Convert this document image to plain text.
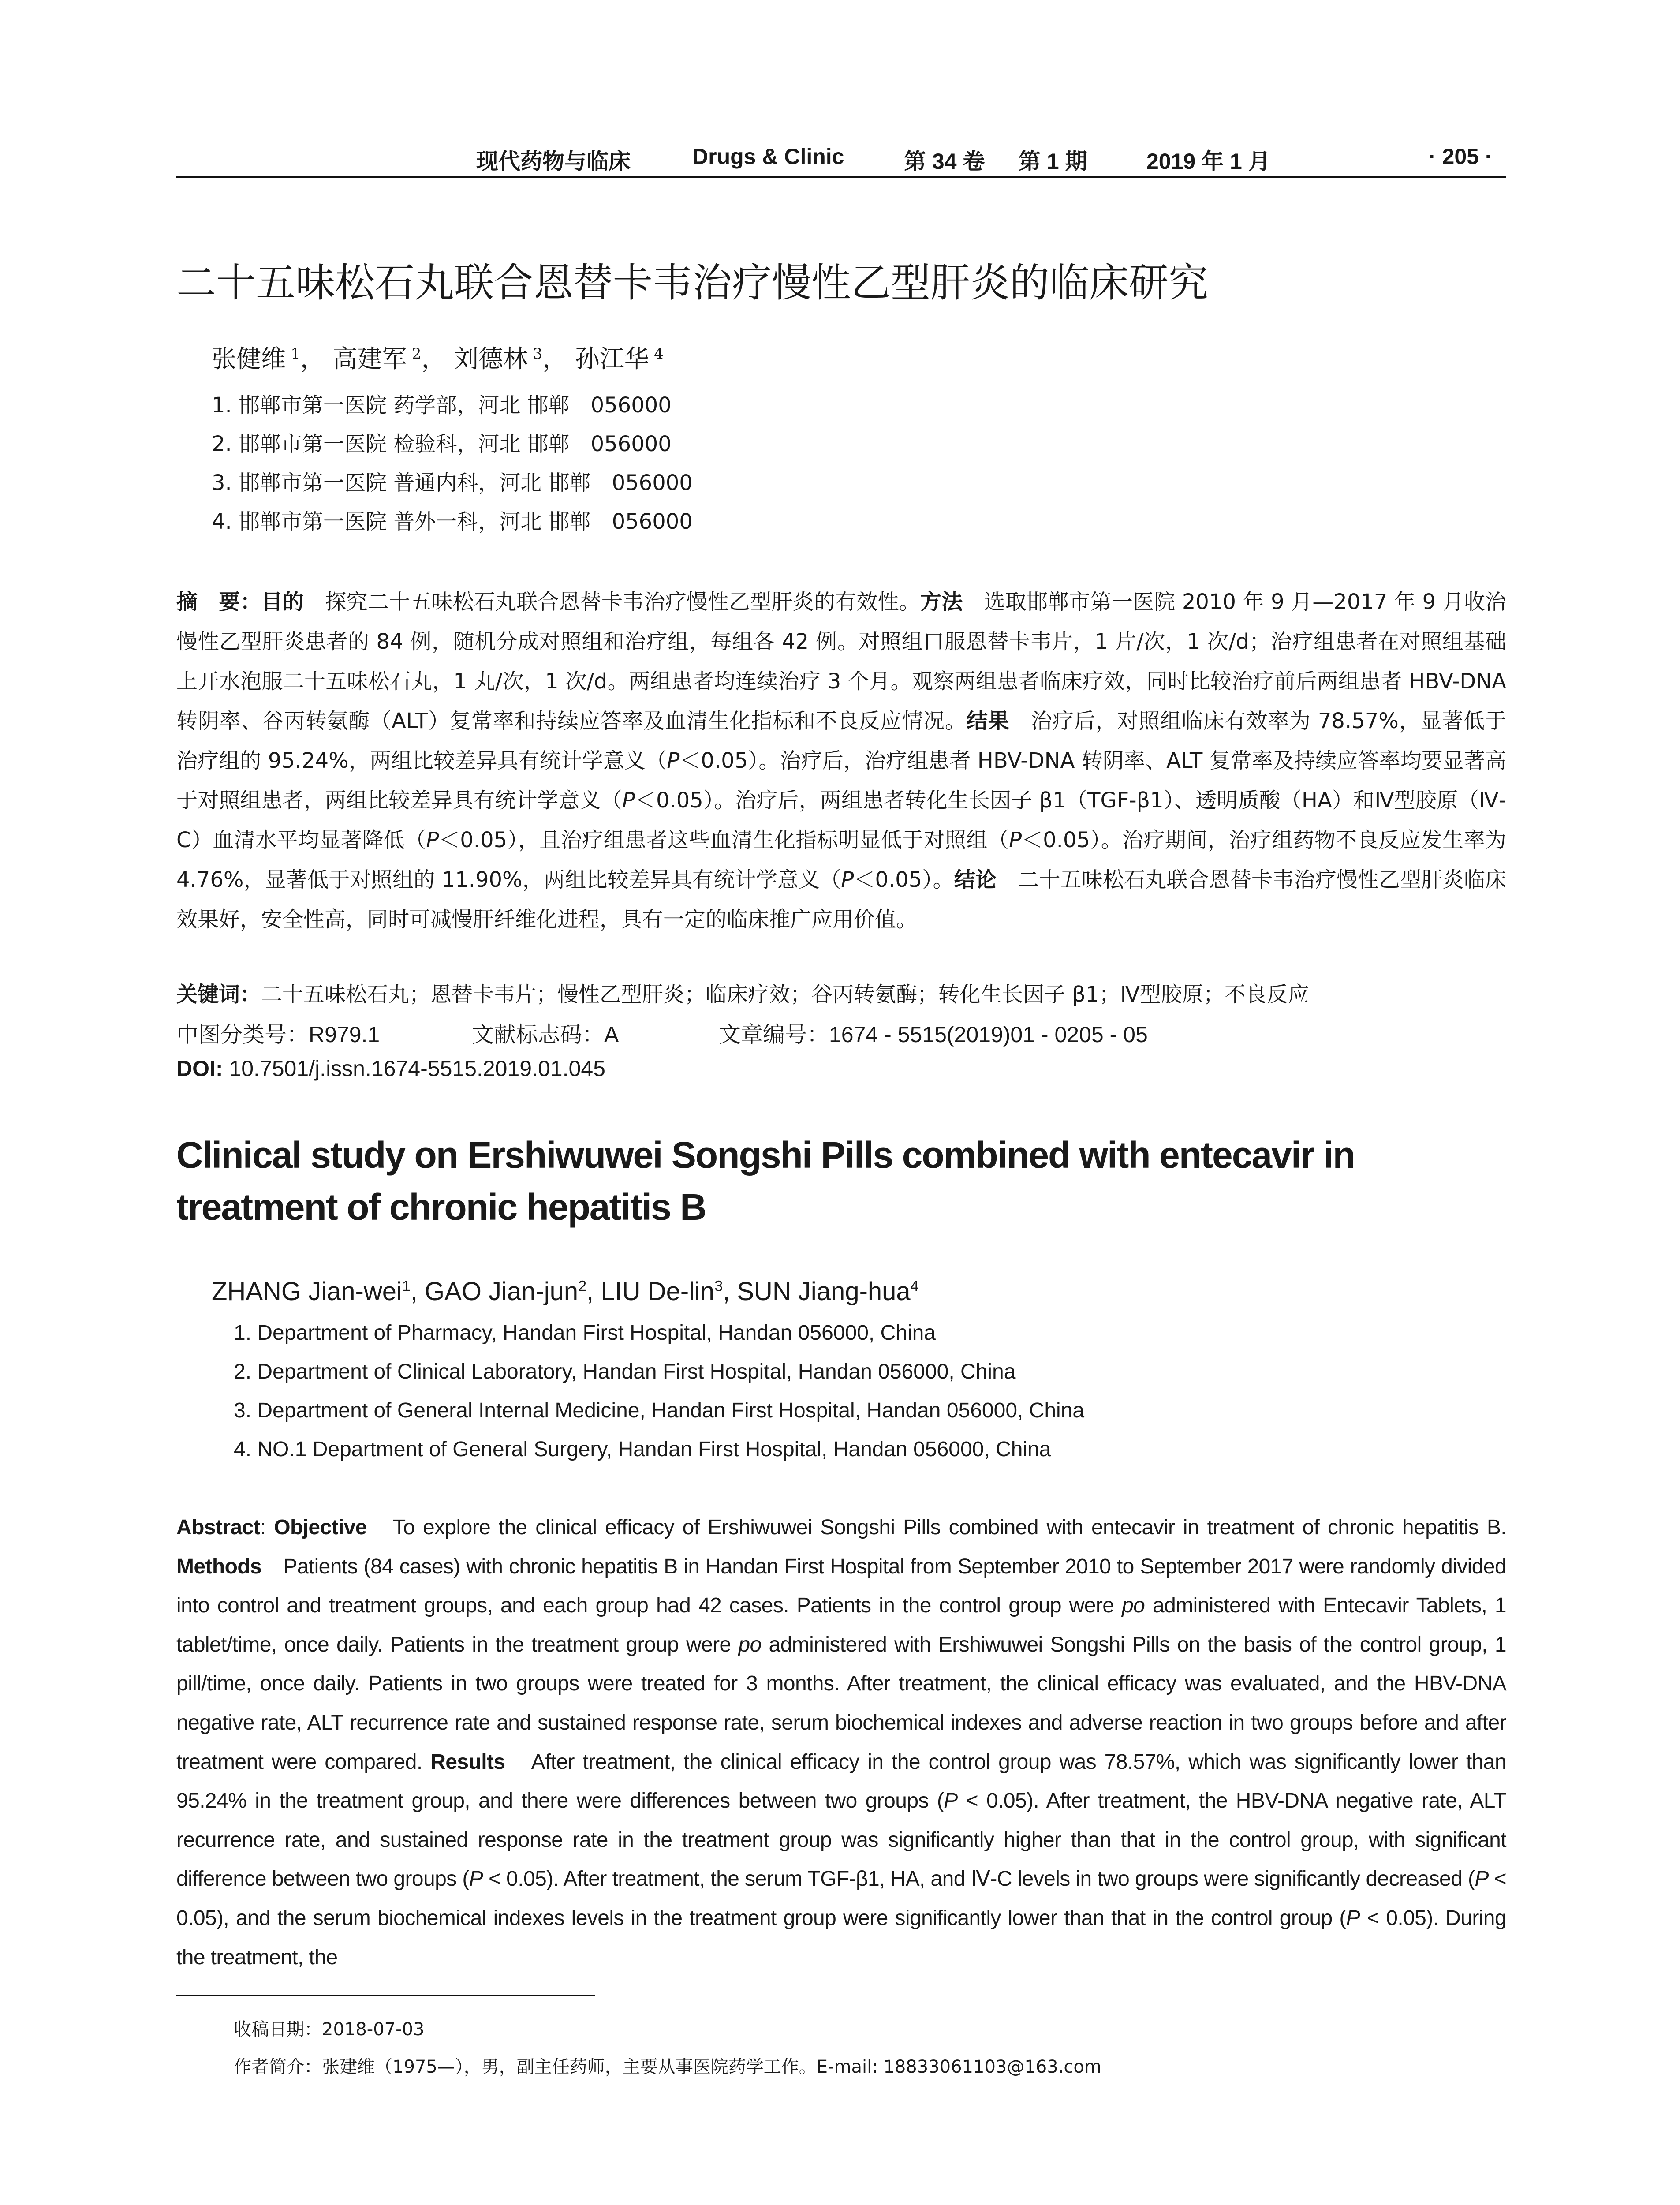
现代药物与临床	Drugs & Clinic	第 34 卷 第 1 期	2019 年 1 月	· 205 ·
二十五味松石丸联合恩替卡韦治疗慢性乙型肝炎的临床研究
张健维  $^1$， 高建军  $^2$， 刘德林  $^3$， 孙江华  $^4$
1. 邯郸市第一医院 药学部，河北 邯郸　056000
2. 邯郸市第一医院 检验科，河北 邯郸　056000
3. 邯郸市第一医院 普通内科，河北 邯郸　056000
4. 邯郸市第一医院 普外一科，河北 邯郸　056000
摘　要：目的　探究二十五味松石丸联合恩替卡韦治疗慢性乙型肝炎的有效性。方法　选取邯郸市第一医院 2010 年 9 月—2017 年 9 月收治慢性乙型肝炎患者的 84 例，随机分成对照组和治疗组，每组各 42 例。对照组口服恩替卡韦片，1 片/次，1 次/d；治疗组患者在对照组基础上开水泡服二十五味松石丸，1 丸/次，1 次/d。两组患者均连续治疗 3 个月。观察两组患者临床疗效，同时比较治疗前后两组患者 HBV-DNA 转阴率、谷丙转氨酶（ALT）复常率和持续应答率及血清生化指标和不良反应情况。结果　治疗后，对照组临床有效率为 78.57%，显著低于治疗组的 95.24%，两组比较差异具有统计学意义（P＜0.05）。治疗后，治疗组患者 HBV-DNA 转阴率、ALT 复常率及持续应答率均要显著高于对照组患者，两组比较差异具有统计学意义（P＜0.05）。治疗后，两组患者转化生长因子 β1（TGF-β1）、透明质酸（HA）和Ⅳ型胶原（Ⅳ-C）血清水平均显著降低（P＜0.05），且治疗组患者这些血清生化指标明显低于对照组（P＜0.05）。治疗期间，治疗组药物不良反应发生率为 4.76%，显著低于对照组的 11.90%，两组比较差异具有统计学意义（P＜0.05）。结论　二十五味松石丸联合恩替卡韦治疗慢性乙型肝炎临床效果好，安全性高，同时可减慢肝纤维化进程，具有一定的临床推广应用价值。
关键词：二十五味松石丸；恩替卡韦片；慢性乙型肝炎；临床疗效；谷丙转氨酶；转化生长因子 β1；Ⅳ型胶原；不良反应
中图分类号：R979.1	文献标志码：A	文章编号：1674 - 5515(2019)01 - 0205 - 05
DOI: 10.7501/j.issn.1674-5515.2019.01.045
Clinical study on Ershiwuwei Songshi Pills combined with entecavir in treatment of chronic hepatitis B
ZHANG Jian-wei$^1$, GAO Jian-jun$^2$, LIU De-lin$^3$, SUN Jiang-hua$^4$
1. Department of Pharmacy, Handan First Hospital, Handan 056000, China
2. Department of Clinical Laboratory, Handan First Hospital, Handan 056000, China
3. Department of General Internal Medicine, Handan First Hospital, Handan 056000, China
4. NO.1 Department of General Surgery, Handan First Hospital, Handan 056000, China
Abstract: Objective　To explore the clinical efficacy of Ershiwuwei Songshi Pills combined with entecavir in treatment of chronic hepatitis B. Methods　Patients (84 cases) with chronic hepatitis B in Handan First Hospital from September 2010 to September 2017 were randomly divided into control and treatment groups, and each group had 42 cases. Patients in the control group were po administered with Entecavir Tablets, 1 tablet/time, once daily. Patients in the treatment group were po administered with Ershiwuwei Songshi Pills on the basis of the control group, 1 pill/time, once daily. Patients in two groups were treated for 3 months. After treatment, the clinical efficacy was evaluated, and the HBV-DNA negative rate, ALT recurrence rate and sustained response rate, serum biochemical indexes and adverse reaction in two groups before and after treatment were compared. Results　After treatment, the clinical efficacy in the control group was 78.57%, which was significantly lower than 95.24% in the treatment group, and there were differences between two groups (P < 0.05). After treatment, the HBV-DNA negative rate, ALT recurrence rate, and sustained response rate in the treatment group was significantly higher than that in the control group, with significant difference between two groups (P < 0.05). After treatment, the serum TGF-β1, HA, and Ⅳ-C levels in two groups were significantly decreased (P < 0.05), and the serum biochemical indexes levels in the treatment group were significantly lower than that in the control group (P < 0.05). During the treatment, the
收稿日期：2018-07-03
作者简介：张建维（1975—），男，副主任药师，主要从事医院药学工作。E-mail: 18833061103@163.com
